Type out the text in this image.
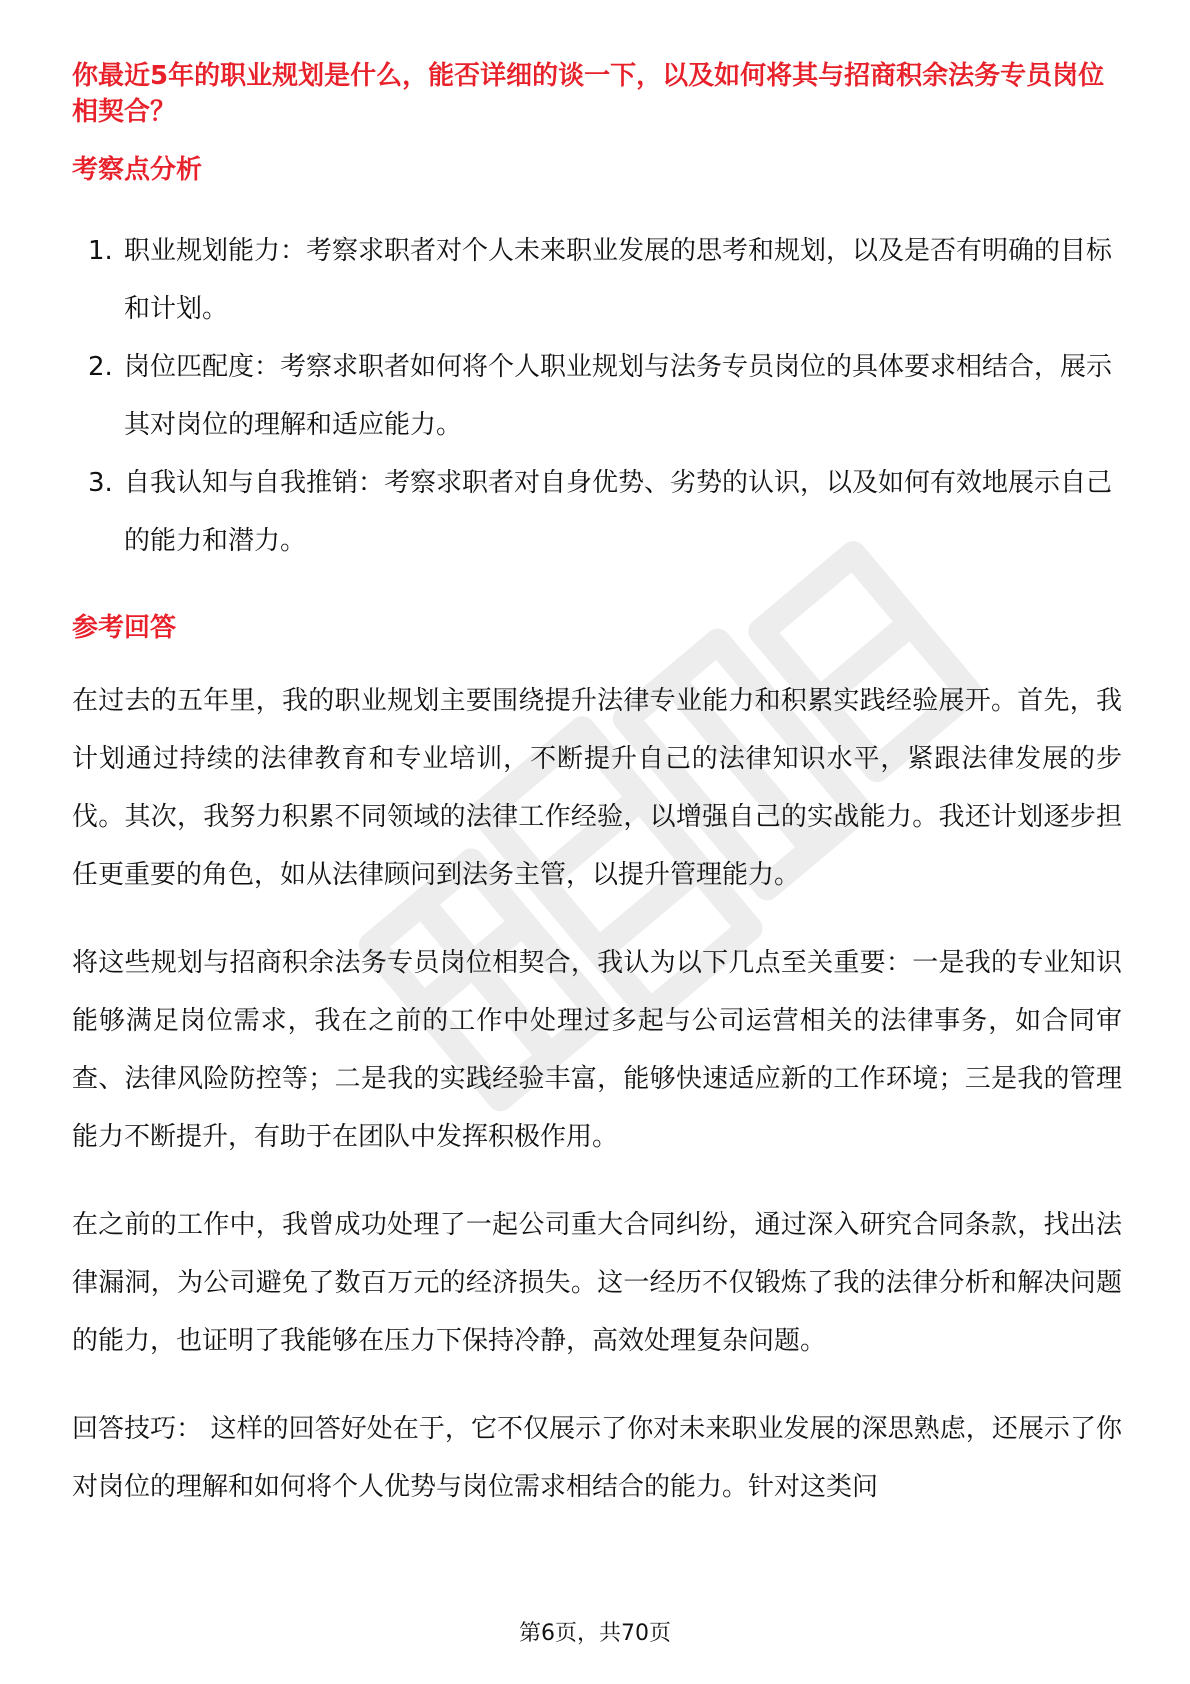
你最近5年的职业规划是什么，能否详细的谈一下，以及如何将其与招商积余法务专员岗位相契合？

考察点分析

1. 职业规划能力：考察求职者对个人未来职业发展的思考和规划，以及是否有明确的目标和计划。
2. 岗位匹配度：考察求职者如何将个人职业规划与法务专员岗位的具体要求相结合，展示其对岗位的理解和适应能力。
3. 自我认知与自我推销：考察求职者对自身优势、劣势的认识，以及如何有效地展示自己的能力和潜力。

参考回答

在过去的五年里，我的职业规划主要围绕提升法律专业能力和积累实践经验展开。首先，我计划通过持续的法律教育和专业培训，不断提升自己的法律知识水平，紧跟法律发展的步伐。其次，我努力积累不同领域的法律工作经验，以增强自己的实战能力。我还计划逐步担任更重要的角色，如从法律顾问到法务主管，以提升管理能力。

将这些规划与招商积余法务专员岗位相契合，我认为以下几点至关重要：一是我的专业知识能够满足岗位需求，我在之前的工作中处理过多起与公司运营相关的法律事务，如合同审查、法律风险防控等；二是我的实践经验丰富，能够快速适应新的工作环境；三是我的管理能力不断提升，有助于在团队中发挥积极作用。

在之前的工作中，我曾成功处理了一起公司重大合同纠纷，通过深入研究合同条款，找出法律漏洞，为公司避免了数百万元的经济损失。这一经历不仅锻炼了我的法律分析和解决问题的能力，也证明了我能够在压力下保持冷静，高效处理复杂问题。

回答技巧： 这样的回答好处在于，它不仅展示了你对未来职业发展的深思熟虑，还展示了你对岗位的理解和如何将个人优势与岗位需求相结合的能力。针对这类问

第6页，共70页
